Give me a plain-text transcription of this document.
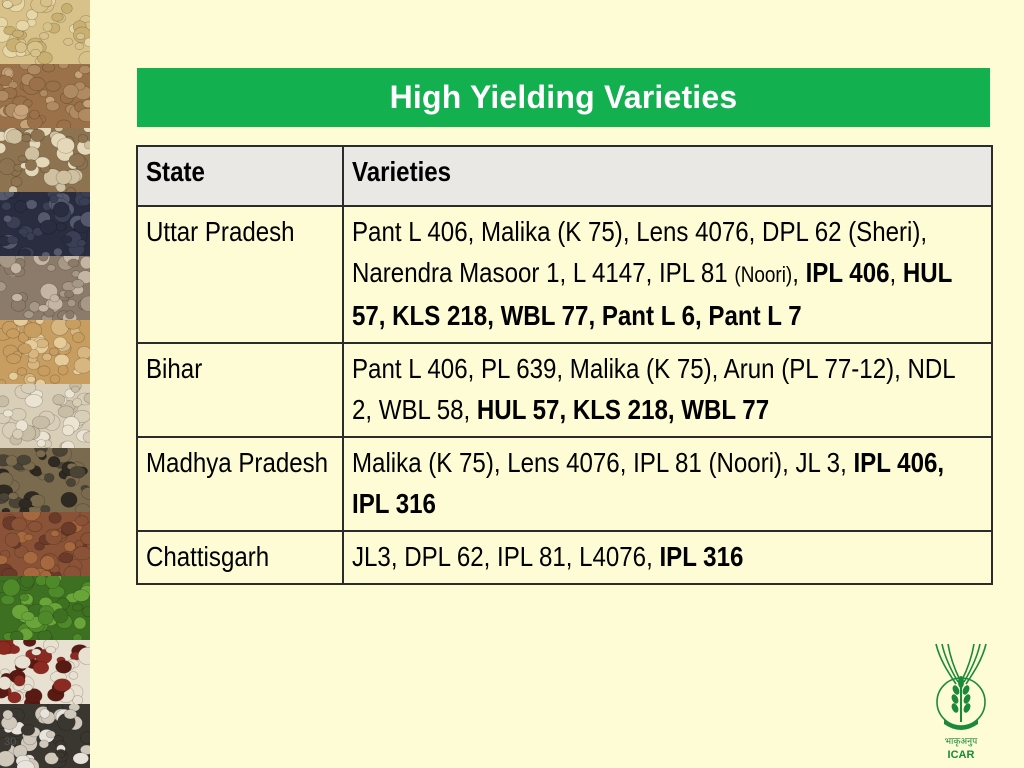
30
High Yielding Varieties
State	Varieties

Uttar Pradesh	Pant L 406, Malika (K 75), Lens 4076, DPL 62 (Sheri), Narendra Masoor 1, L 4147, IPL 81 (Noori), IPL 406, HUL 57, KLS 218, WBL 77, Pant L 6, Pant L 7

Bihar	Pant L 406, PL 639, Malika (K 75), Arun (PL 77-12), NDL 2, WBL 58, HUL 57, KLS 218, WBL 77

Madhya Pradesh	Malika (K 75), Lens 4076, IPL 81 (Noori), JL 3, IPL 406, IPL 316

Chattisgarh	JL3, DPL 62, IPL 81, L4076, IPL 316
भाकृअनुप
ICAR
